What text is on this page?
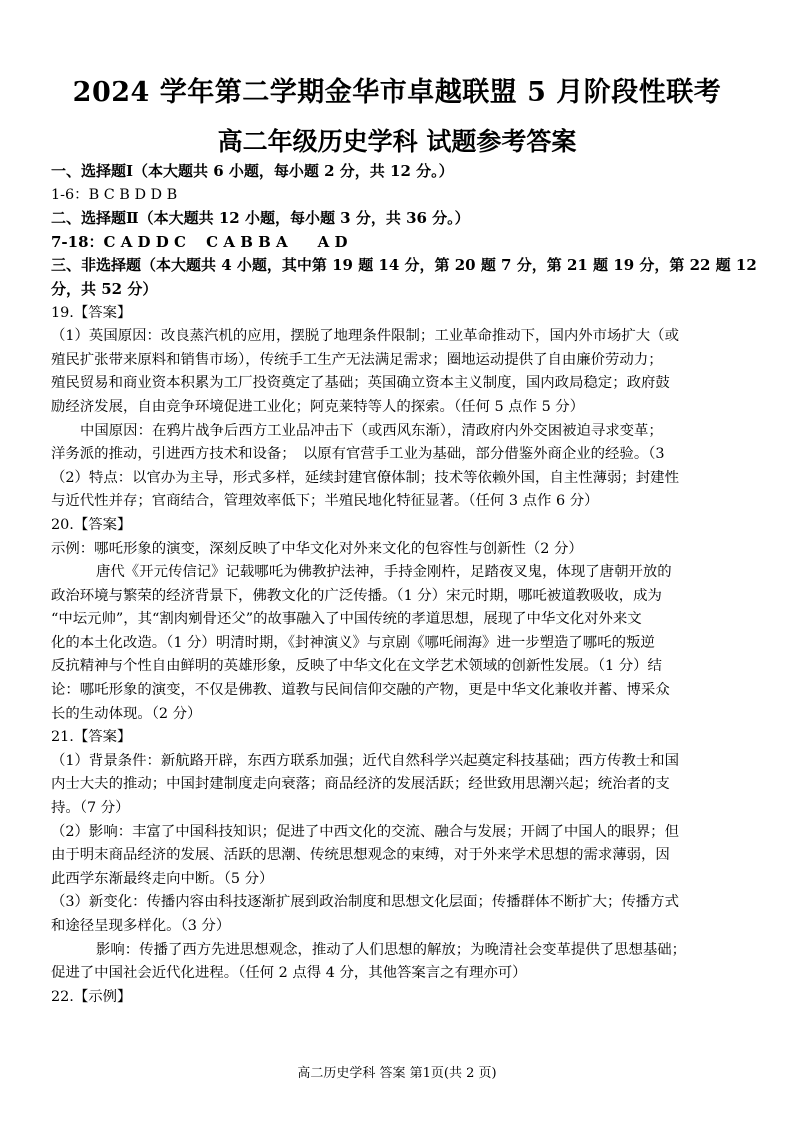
2024 学年第二学期金华市卓越联盟 5 月阶段性联考
高二年级历史学科 试题参考答案
一、选择题Ⅰ（本大题共 6 小题，每小题 2 分，共 12 分。）
1-6：B C B D D B
二、选择题Ⅱ（本大题共 12 小题，每小题 3 分，共 36 分。）
7-18：C A D D C　 C A B B A　　A D
三、非选择题（本大题共 4 小题，其中第 19 题 14 分，第 20 题 7 分，第 21 题 19 分，第 22 题 12
分，共 52 分）
19.【答案】
（1）英国原因：改良蒸汽机的应用，摆脱了地理条件限制；工业革命推动下，国内外市场扩大（或
殖民扩张带来原料和销售市场），传统手工生产无法满足需求；圈地运动提供了自由廉价劳动力；
殖民贸易和商业资本积累为工厂投资奠定了基础；英国确立资本主义制度，国内政局稳定；政府鼓
励经济发展，自由竞争环境促进工业化；阿克莱特等人的探索。（任何 5 点作 5 分）
中国原因：在鸦片战争后西方工业品冲击下（或西风东渐），清政府内外交困被迫寻求变革；
洋务派的推动，引进西方技术和设备；　以原有官营手工业为基础，部分借鉴外商企业的经验。（3
（2）特点：以官办为主导，形式多样，延续封建官僚体制；技术等依赖外国，自主性薄弱；封建性
与近代性并存；官商结合，管理效率低下；半殖民地化特征显著。（任何 3 点作 6 分）
20.【答案】
示例：哪吒形象的演变，深刻反映了中华文化对外来文化的包容性与创新性（2 分）
唐代《开元传信记》记载哪吒为佛教护法神，手持金刚杵，足踏夜叉鬼，体现了唐朝开放的
政治环境与繁荣的经济背景下，佛教文化的广泛传播。（1 分）宋元时期，哪吒被道教吸收，成为
“中坛元帅”，其“割肉剜骨还父”的故事融入了中国传统的孝道思想，展现了中华文化对外来文
化的本土化改造。（1 分）明清时期，《封神演义》与京剧《哪吒闹海》进一步塑造了哪吒的叛逆
反抗精神与个性自由鲜明的英雄形象，反映了中华文化在文学艺术领域的创新性发展。（1 分）结
论：哪吒形象的演变，不仅是佛教、道教与民间信仰交融的产物，更是中华文化兼收并蓄、博采众
长的生动体现。（2 分）
21.【答案】
（1）背景条件：新航路开辟，东西方联系加强；近代自然科学兴起奠定科技基础；西方传教士和国
内士大夫的推动；中国封建制度走向衰落；商品经济的发展活跃；经世致用思潮兴起；统治者的支
持。（7 分）
（2）影响：丰富了中国科技知识；促进了中西文化的交流、融合与发展；开阔了中国人的眼界；但
由于明末商品经济的发展、活跃的思潮、传统思想观念的束缚，对于外来学术思想的需求薄弱，因
此西学东渐最终走向中断。（5 分）
（3）新变化：传播内容由科技逐渐扩展到政治制度和思想文化层面；传播群体不断扩大；传播方式
和途径呈现多样化。（3 分）
影响：传播了西方先进思想观念，推动了人们思想的解放；为晚清社会变革提供了思想基础；
促进了中国社会近代化进程。（任何 2 点得 4 分，其他答案言之有理亦可）
22.【示例】
高二历史学科 答案 第1页(共 2 页)
